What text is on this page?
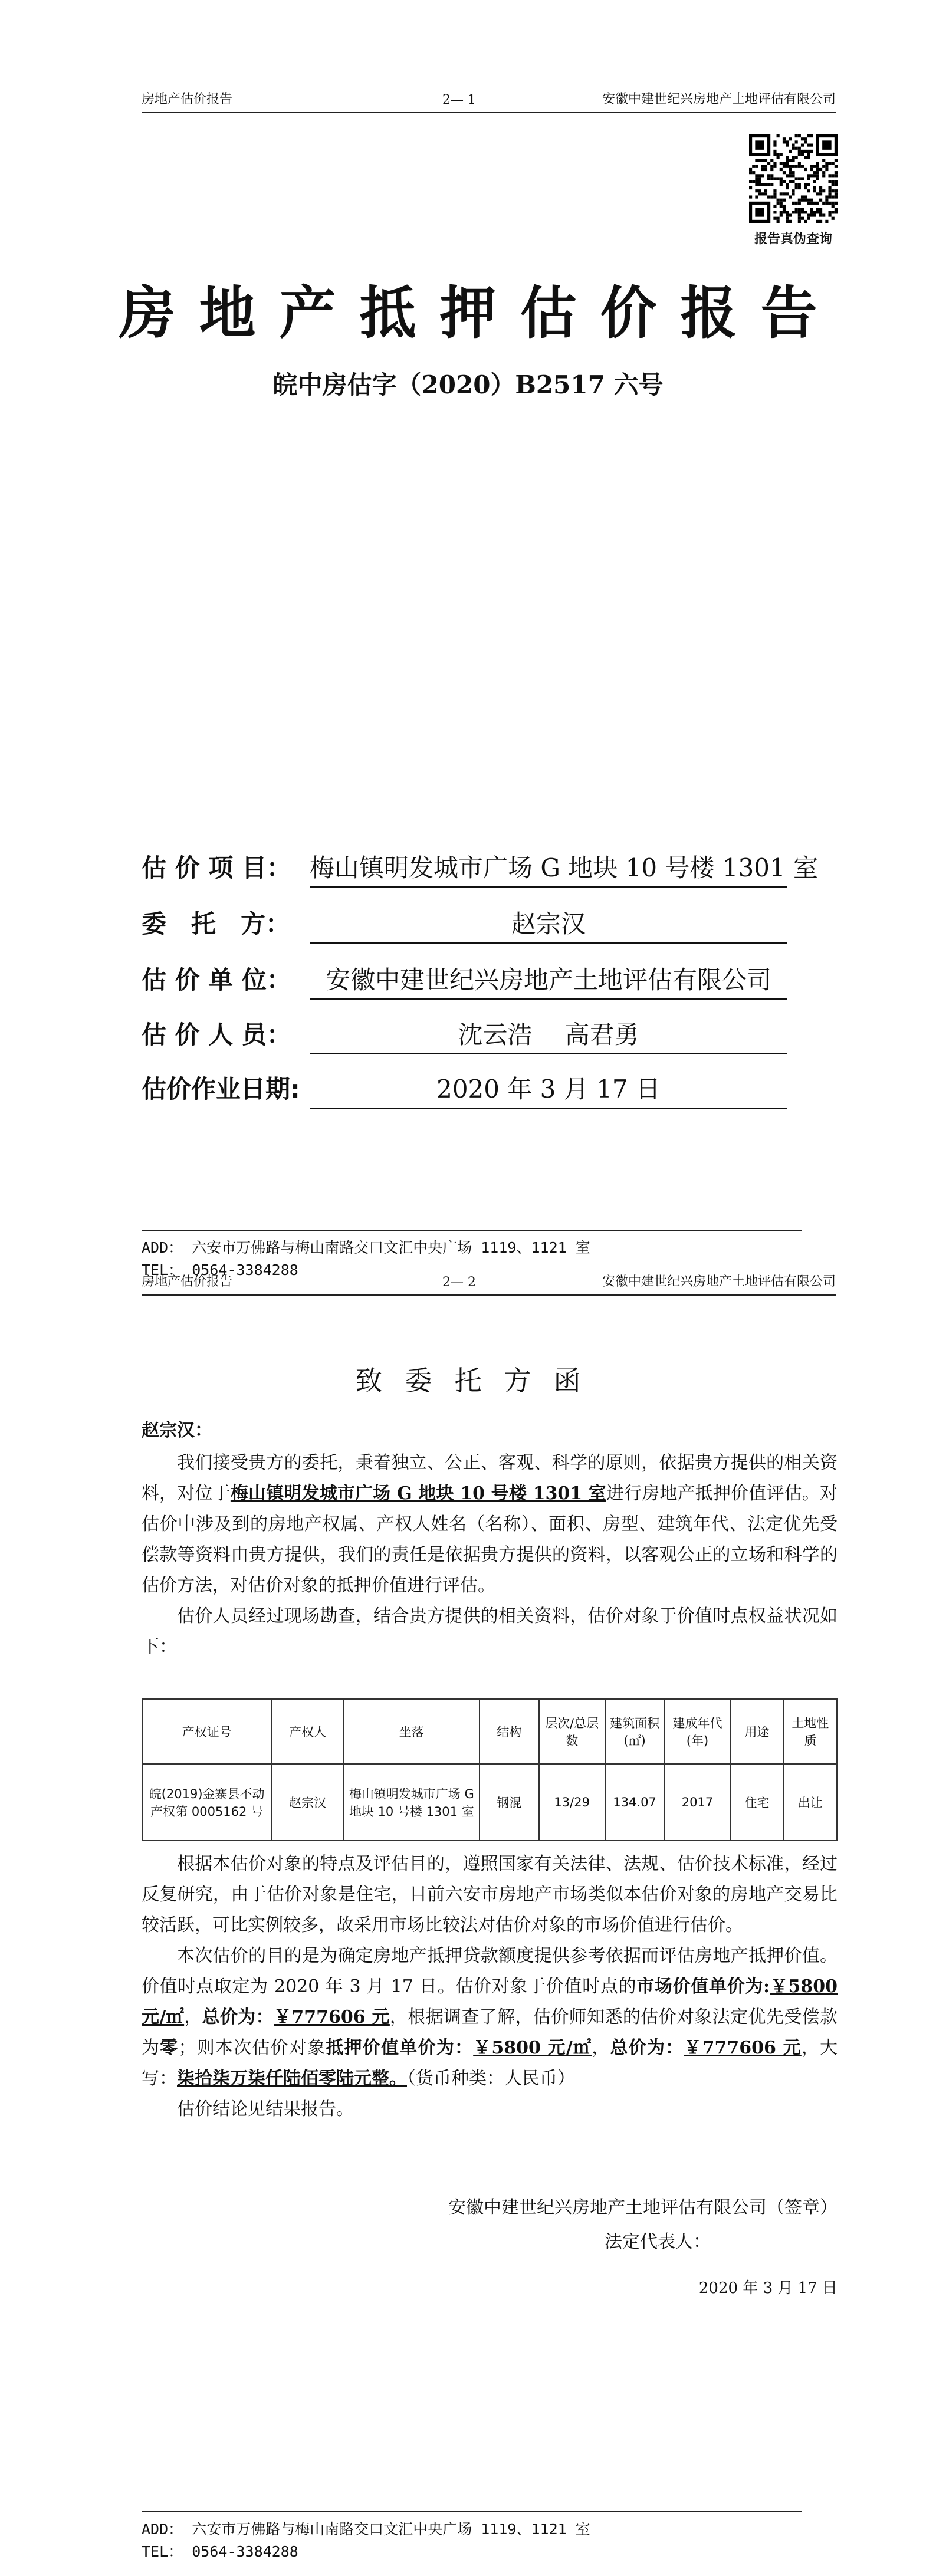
房地产估价报告	2— 1	安徽中建世纪兴房地产土地评估有限公司
报告真伪查询
房地产抵押估价报告
皖中房估字（2020）B2517 六号
估 价 项 目： 梅山镇明发城市广场 G 地块 10 号楼 1301 室
委　托　方：	赵宗汉
估 价 单 位：	安徽中建世纪兴房地产土地评估有限公司
估 价 人 员：	沈云浩　 高君勇
估价作业日期:	2020 年 3 月 17 日
ADD： 六安市万佛路与梅山南路交口文汇中央广场 1119、1121 室
TEL： 0564-3384288
房地产估价报告	2— 2	安徽中建世纪兴房地产土地评估有限公司
致委托方函
赵宗汉：

我们接受贵方的委托，秉着独立、公正、客观、科学的原则，依据贵方提供的相关资料，对位于梅山镇明发城市广场 G 地块 10 号楼 1301 室进行房地产抵押价值评估。对估价中涉及到的房地产权属、产权人姓名（名称）、面积、房型、建筑年代、法定优先受偿款等资料由贵方提供，我们的责任是依据贵方提供的资料，以客观公正的立场和科学的估价方法，对估价对象的抵押价值进行评估。

估价人员经过现场勘查，结合贵方提供的相关资料，估价对象于价值时点权益状况如下：

产权证号	产权人	坐落	结构	层次/总层数	建筑面积(㎡)	建成年代(年)	用途	土地性质
皖(2019)金寨县不动产权第 0005162 号	赵宗汉	梅山镇明发城市广场 G 地块 10 号楼 1301 室	钢混	13/29	134.07	2017	住宅	出让

根据本估价对象的特点及评估目的，遵照国家有关法律、法规、估价技术标准，经过反复研究，由于估价对象是住宅，目前六安市房地产市场类似本估价对象的房地产交易比较活跃，可比实例较多，故采用市场比较法对估价对象的市场价值进行估价。

本次估价的目的是为确定房地产抵押贷款额度提供参考依据而评估房地产抵押价值。价值时点取定为 2020 年 3 月 17 日。估价对象于价值时点的市场价值单价为:￥5800 元/㎡，总价为：￥777606 元，根据调查了解，估价师知悉的估价对象法定优先受偿款为零；则本次估价对象抵押价值单价为：￥5800 元/㎡，总价为：￥777606 元，大写：柒拾柒万柒仟陆佰零陆元整。（货币种类：人民币）

估价结论见结果报告。

安徽中建世纪兴房地产土地评估有限公司（签章）
法定代表人：
2020 年 3 月 17 日
ADD： 六安市万佛路与梅山南路交口文汇中央广场 1119、1121 室
TEL： 0564-3384288
